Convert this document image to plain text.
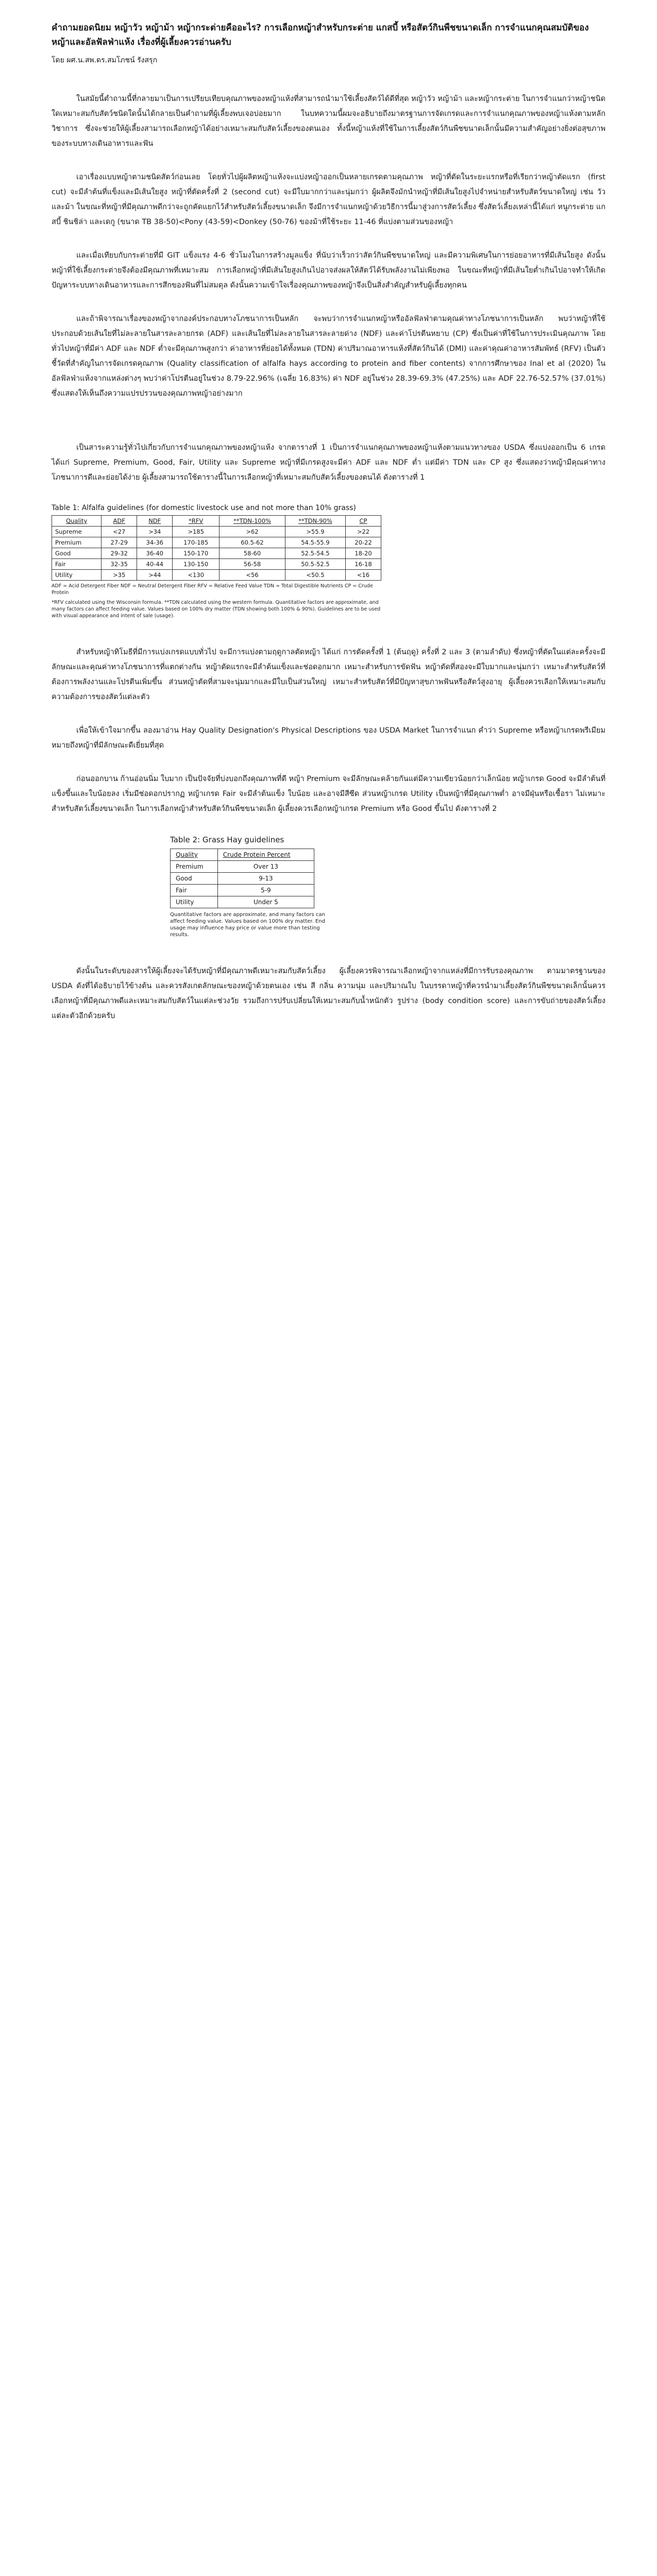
คำถามยอดนิยม หญ้าวัว หญ้าม้า หญ้ากระต่ายคืออะไร? การเลือกหญ้าสำหรับกระต่าย แกสบี้ หรือสัตว์กินพืชขนาดเล็ก การจำแนกคุณสมบัติของหญ้าและอัลฟัลฟ่าแห้ง เรื่องที่ผู้เลี้ยงควรอ่านครับ
โดย ผศ.น.สพ.ดร.สมโภชน์ รังสรุก

ในสมัยนี้ตำถามนี้ที่กลายมาเป็นการเปรียบเทียบคุณภาพของหญ้าแห้งที่สามารถนำมาใช้เลี้ยงสัตว์ได้ดีที่สุด หญ้าวัว หญ้าม้า และหญ้ากระต่าย ในการจำแนกว่าหญ้าชนิดใดเหมาะสมกับสัตว์ชนิดใดนั้นได้กลายเป็นคำถามที่ผู้เลี้ยงพบเจอบ่อยมาก ในบทความนี้ผมจะอธิบายถึงมาตรฐานการจัดเกรดและการจำแนกคุณภาพของหญ้าแห้งตามหลักวิชาการ ซึ่งจะช่วยให้ผู้เลี้ยงสามารถเลือกหญ้าได้อย่างเหมาะสมกับสัตว์เลี้ยงของตนเอง ทั้งนี้หญ้าแห้งที่ใช้ในการเลี้ยงสัตว์กินพืชขนาดเล็กนั้นมีความสำคัญอย่างยิ่งต่อสุขภาพของระบบทางเดินอาหารและฟัน

เอาเรื่องแบบหญ้าตามชนิดสัตว์ก่อนเลย โดยทั่วไปผู้ผลิตหญ้าแห้งจะแบ่งหญ้าออกเป็นหลายเกรดตามคุณภาพ หญ้าที่ตัดในระยะแรกหรือที่เรียกว่าหญ้าตัดแรก (first cut) จะมีลำต้นที่แข็งและมีเส้นใยสูง หญ้าที่ตัดครั้งที่ 2 (second cut) จะมีใบมากกว่าและนุ่มกว่า ผู้ผลิตจึงมักนำหญ้าที่มีเส้นใยสูงไปจำหน่ายสำหรับสัตว์ขนาดใหญ่ เช่น วัวและม้า ในขณะที่หญ้าที่มีคุณภาพดีกว่าจะถูกคัดแยกไว้สำหรับสัตว์เลี้ยงขนาดเล็ก จึงมีการจำแนกหญ้าด้วยวิธีการนี้มาสู่วงการสัตว์เลี้ยง ซึ่งสัตว์เลี้ยงเหล่านี้ได้แก่ หนูกระต่าย แกสบี้ ชินชิล่า และเดกู (ขนาด TB 38-50)<Pony (43-59)<Donkey (50-76) ของม้าที่ใช้ระยะ 11-46 ที่แบ่งตามส่วนของหญ้า

และเมื่อเทียบกับกระต่ายที่มี GIT แข็งแรง 4-6 ชั่วโมงในการสร้างมูลแข็ง ที่นับว่าเร็วกว่าสัตว์กินพืชขนาดใหญ่ และมีความพิเศษในการย่อยอาหารที่มีเส้นใยสูง ดังนั้นหญ้าที่ใช้เลี้ยงกระต่ายจึงต้องมีคุณภาพที่เหมาะสม การเลือกหญ้าที่มีเส้นใยสูงเกินไปอาจส่งผลให้สัตว์ได้รับพลังงานไม่เพียงพอ ในขณะที่หญ้าที่มีเส้นใยต่ำเกินไปอาจทำให้เกิดปัญหาระบบทางเดินอาหารและการสึกของฟันที่ไม่สมดุล ดังนั้นความเข้าใจเรื่องคุณภาพของหญ้าจึงเป็นสิ่งสำคัญสำหรับผู้เลี้ยงทุกคน

และถ้าพิจารณาเรื่องของหญ้าจากองค์ประกอบทางโภชนาการเป็นหลัก จะพบว่าการจำแนกหญ้าหรืออัลฟัลฟ่าตามคุณค่าทางโภชนาการเป็นหลัก พบว่าหญ้าที่ใช้ประกอบด้วยเส้นใยที่ไม่ละลายในสารละลายกรด (ADF) และเส้นใยที่ไม่ละลายในสารละลายด่าง (NDF) และค่าโปรตีนหยาบ (CP) ซึ่งเป็นค่าที่ใช้ในการประเมินคุณภาพ โดยทั่วไปหญ้าที่มีค่า ADF และ NDF ต่ำจะมีคุณภาพสูงกว่า ค่าอาหารที่ย่อยได้ทั้งหมด (TDN) ค่าปริมาณอาหารแห้งที่สัตว์กินได้ (DMI) และค่าคุณค่าอาหารสัมพัทธ์ (RFV) เป็นตัวชี้วัดที่สำคัญในการจัดเกรดคุณภาพ (Quality classification of alfalfa hays according to protein and fiber contents) จากการศึกษาของ Inal et al (2020) ในอัลฟัลฟ่าแห้งจากแหล่งต่างๆ พบว่าค่าโปรตีนอยู่ในช่วง 8.79-22.96% (เฉลี่ย 16.83%) ค่า NDF อยู่ในช่วง 28.39-69.3% (47.25%) และ ADF 22.76-52.57% (37.01%) ซึ่งแสดงให้เห็นถึงความแปรปรวนของคุณภาพหญ้าอย่างมาก

เป็นสาระความรู้ทั่วไปเกี่ยวกับการจำแนกคุณภาพของหญ้าแห้ง จากตารางที่ 1 เป็นการจำแนกคุณภาพของหญ้าแห้งตามแนวทางของ USDA ซึ่งแบ่งออกเป็น 6 เกรด ได้แก่ Supreme, Premium, Good, Fair, Utility และ Supreme หญ้าที่มีเกรดสูงจะมีค่า ADF และ NDF ต่ำ แต่มีค่า TDN และ CP สูง ซึ่งแสดงว่าหญ้ามีคุณค่าทางโภชนาการดีและย่อยได้ง่าย ผู้เลี้ยงสามารถใช้ตารางนี้ในการเลือกหญ้าที่เหมาะสมกับสัตว์เลี้ยงของตนได้ ดังตารางที่ 1

Table 1: Alfalfa guidelines (for domestic livestock use and not more than 10% grass)
Quality	ADF	NDF	*RFV	**TDN-100%	**TDN-90%	CP
Supreme	<27	>34	>185	>62	>55.9	>22
Premium	27-29	34-36	170-185	60.5-62	54.5-55.9	20-22
Good	29-32	36-40	150-170	58-60	52.5-54.5	18-20
Fair	32-35	40-44	130-150	56-58	50.5-52.5	16-18
Utility	>35	>44	<130	<56	<50.5	<16
ADF = Acid Detergent Fiber NDF = Neutral Detergent Fiber RFV = Relative Feed Value TDN = Total Digestible Nutrients CP = Crude Protein
*RFV calculated using the Wisconsin formula. **TDN calculated using the western formula. Quantitative factors are approximate, and many factors can affect feeding value. Values based on 100% dry matter (TDN showing both 100% & 90%). Guidelines are to be used with visual appearance and intent of sale (usage).

สำหรับหญ้าทิโมธีที่มีการแบ่งเกรดแบบทั่วไป จะมีการแบ่งตามฤดูกาลตัดหญ้า ได้แก่ การตัดครั้งที่ 1 (ต้นฤดู) ครั้งที่ 2 และ 3 (ตามลำดับ) ซึ่งหญ้าที่ตัดในแต่ละครั้งจะมีลักษณะและคุณค่าทางโภชนาการที่แตกต่างกัน หญ้าตัดแรกจะมีลำต้นแข็งและช่อดอกมาก เหมาะสำหรับการขัดฟัน หญ้าตัดที่สองจะมีใบมากและนุ่มกว่า เหมาะสำหรับสัตว์ที่ต้องการพลังงานและโปรตีนเพิ่มขึ้น ส่วนหญ้าตัดที่สามจะนุ่มมากและมีใบเป็นส่วนใหญ่ เหมาะสำหรับสัตว์ที่มีปัญหาสุขภาพฟันหรือสัตว์สูงอายุ ผู้เลี้ยงควรเลือกให้เหมาะสมกับความต้องการของสัตว์แต่ละตัว

เพื่อให้เข้าใจมากขึ้น ลองมาอ่าน Hay Quality Designation's Physical Descriptions ของ USDA Market ในการจำแนก คำว่า Supreme หรือหญ้าเกรดพรีเมียม หมายถึงหญ้าที่มีลักษณะดีเยี่ยมที่สุด

ก่อนออกบาน ก้านอ่อนนิ่ม ใบมาก เป็นปัจจัยที่บ่งบอกถึงคุณภาพที่ดี หญ้า Premium จะมีลักษณะคล้ายกันแต่มีความเขียวน้อยกว่าเล็กน้อย หญ้าเกรด Good จะมีลำต้นที่แข็งขึ้นและใบน้อยลง เริ่มมีช่อดอกปรากฏ หญ้าเกรด Fair จะมีลำต้นแข็ง ใบน้อย และอาจมีสีซีด ส่วนหญ้าเกรด Utility เป็นหญ้าที่มีคุณภาพต่ำ อาจมีฝุ่นหรือเชื้อรา ไม่เหมาะสำหรับสัตว์เลี้ยงขนาดเล็ก ในการเลือกหญ้าสำหรับสัตว์กินพืชขนาดเล็ก ผู้เลี้ยงควรเลือกหญ้าเกรด Premium หรือ Good ขึ้นไป ดังตารางที่ 2

Table 2: Grass Hay guidelines
Quality	Crude Protein Percent
Premium	Over 13
Good	9-13
Fair	5-9
Utility	Under 5
Quantitative factors are approximate, and many factors can affect feeding value. Values based on 100% dry matter. End usage may influence hay price or value more than testing results.

ดังนั้นในระดับของสารให้ผู้เลี้ยงจะได้รับหญ้าที่มีคุณภาพดีเหมาะสมกับสัตว์เลี้ยง ผู้เลี้ยงควรพิจารณาเลือกหญ้าจากแหล่งที่มีการรับรองคุณภาพ ตามมาตรฐานของ USDA ดังที่ได้อธิบายไว้ข้างต้น และควรสังเกตลักษณะของหญ้าด้วยตนเอง เช่น สี กลิ่น ความนุ่ม และปริมาณใบ ในบรรดาหญ้าที่ควรนำมาเลี้ยงสัตว์กินพืชขนาดเล็กนั้นควรเลือกหญ้าที่มีคุณภาพดีและเหมาะสมกับสัตว์ในแต่ละช่วงวัย รวมถึงการปรับเปลี่ยนให้เหมาะสมกับน้ำหนักตัว รูปร่าง (body condition score) และการขับถ่ายของสัตว์เลี้ยงแต่ละตัวอีกด้วยครับ
